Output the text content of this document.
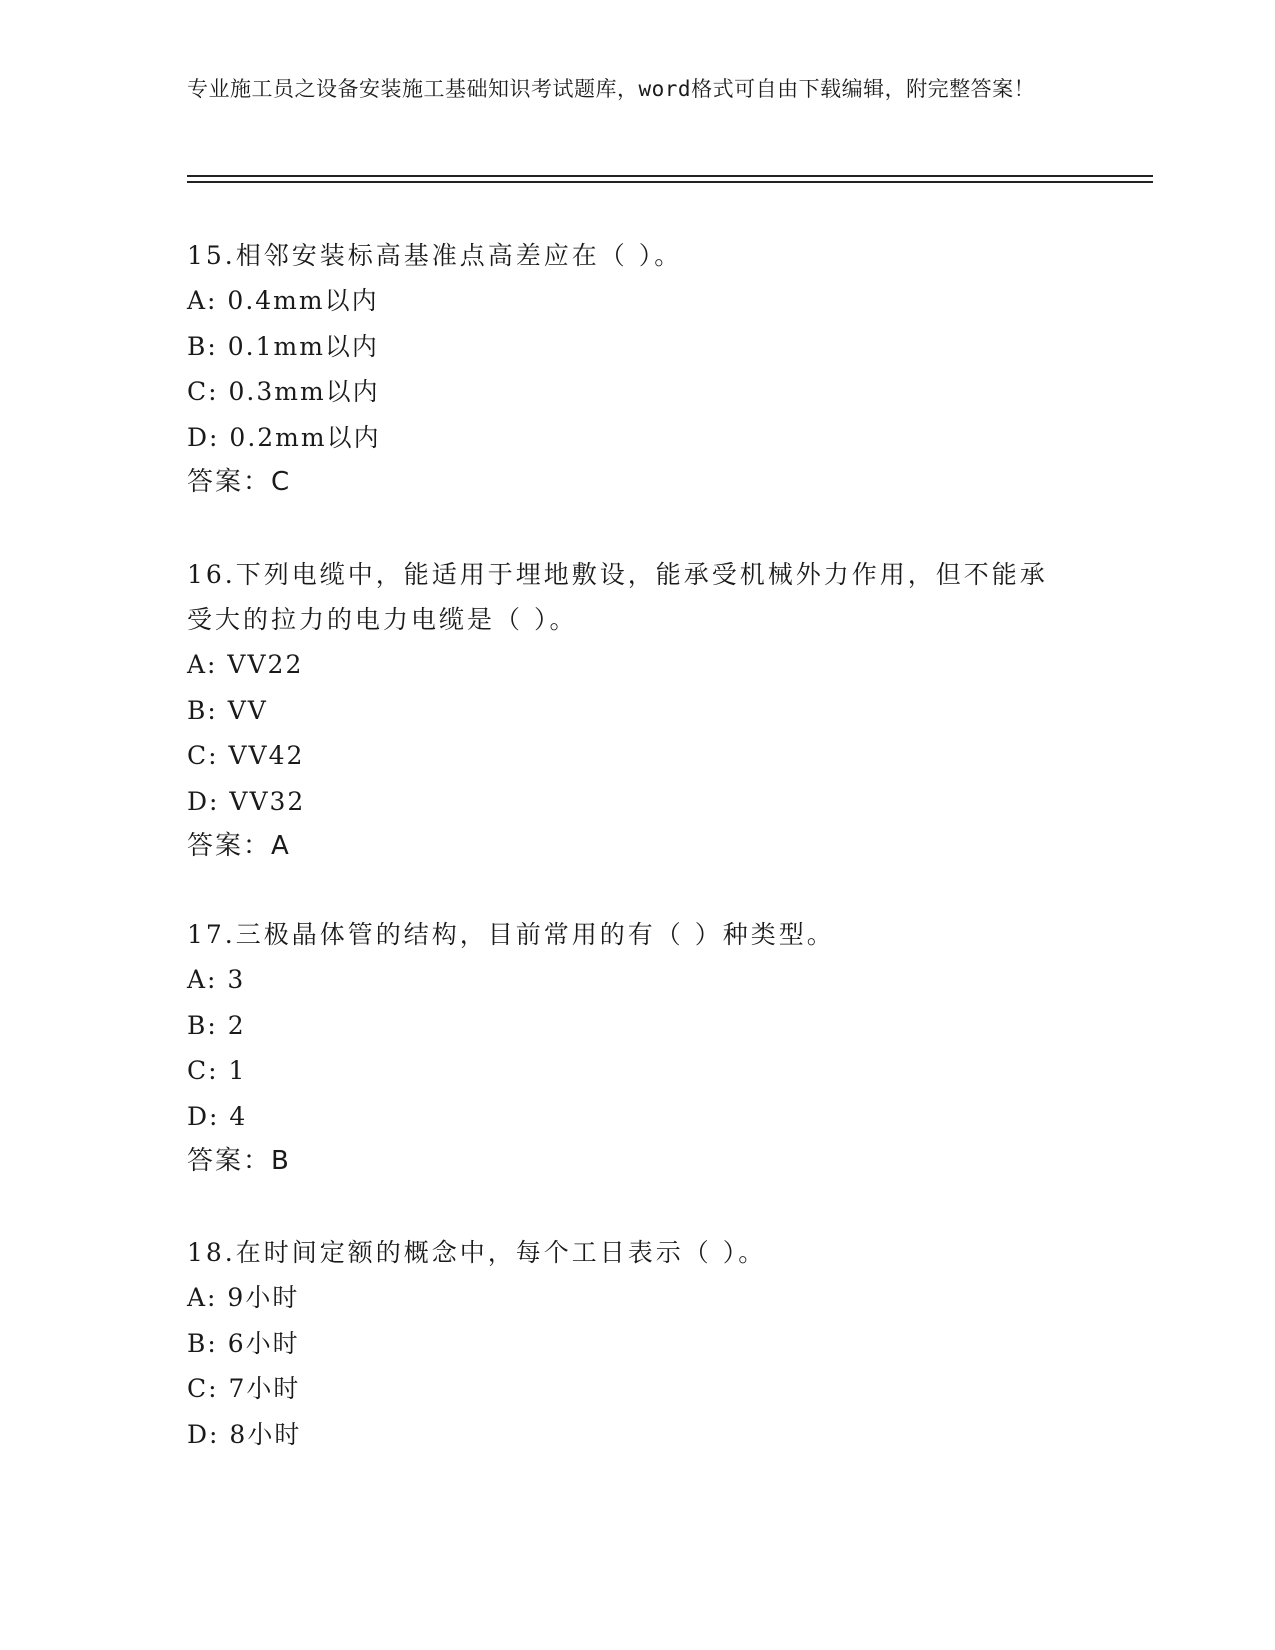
专业施工员之设备安装施工基础知识考试题库，word格式可自由下载编辑，附完整答案！

15.相邻安装标高基准点高差应在（ ）。

A: 0.4mm以内

B: 0.1mm以内

C: 0.3mm以内

D: 0.2mm以内

答案：C

16.下列电缆中，能适用于埋地敷设，能承受机械外力作用，但不能承受大的拉力的电力电缆是（ ）。

A: VV22

B: VV

C: VV42

D: VV32

答案：A

17.三极晶体管的结构，目前常用的有（ ）种类型。

A: 3

B: 2

C: 1

D: 4

答案：B

18.在时间定额的概念中，每个工日表示（ ）。

A: 9小时

B: 6小时

C: 7小时

D: 8小时
